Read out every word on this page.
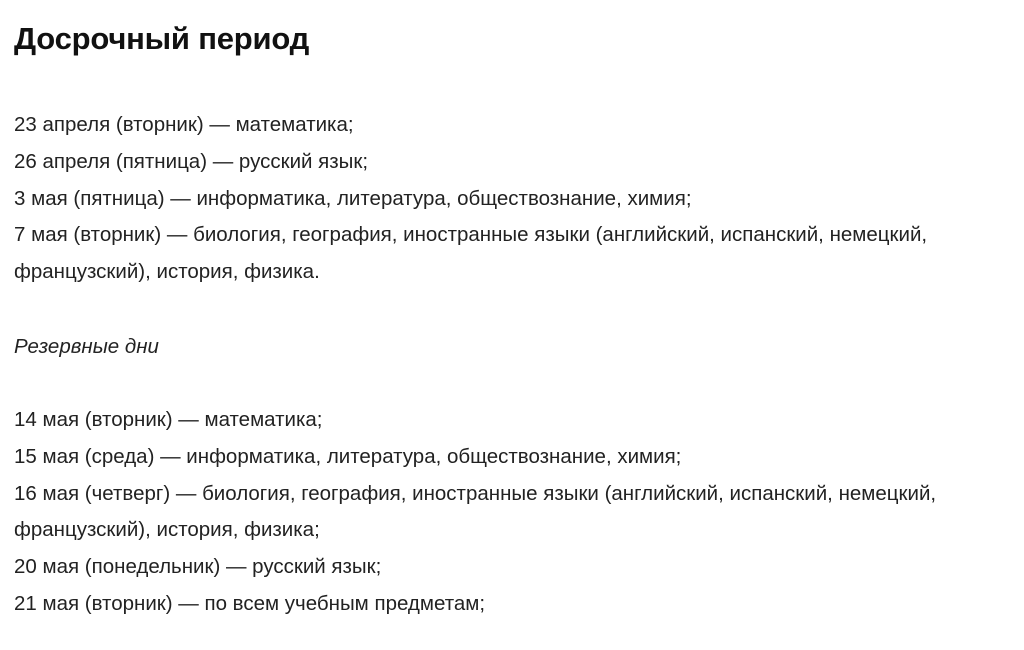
Досрочный период

23 апреля (вторник) — математика;

26 апреля (пятница) — русский язык;

3 мая (пятница) — информатика, литература, обществознание, химия;

7 мая (вторник) — биология, география, иностранные языки (английский, испанский, немецкий, французский), история, физика.

Резервные дни

14 мая (вторник) — математика;

15 мая (среда) — информатика, литература, обществознание, химия;

16 мая (четверг) — биология, география, иностранные языки (английский, испанский, немецкий, французский), история, физика;

20 мая (понедельник) — русский язык;

21 мая (вторник) — по всем учебным предметам;
